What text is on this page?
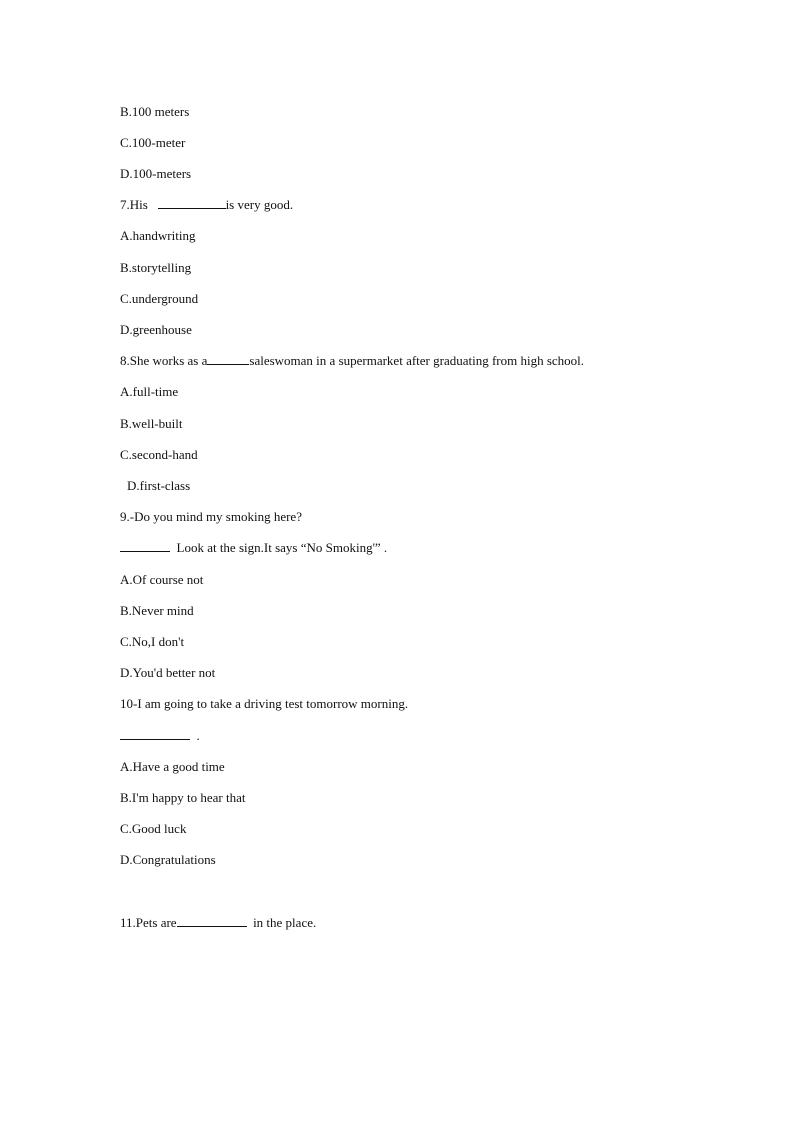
B.100 meters
C.100-meter
D.100-meters
7.His	is very good.
A.handwriting
B.storytelling
C.underground
D.greenhouse
8.She works as a	saleswoman in a supermarket after graduating from high school.
A.full-time
B.well-built
C.second-hand
D.first-class
9.-Do you mind my smoking here?
Look at the sign.It says “No Smoking'” .
A.Of course not
B.Never mind
C.No,I don't
D.You'd better not
10-I am going to take a driving test tomorrow morning.
.
A.Have a good time
B.I'm happy to hear that
C.Good luck
D.Congratulations
11.Pets are	in the place.
